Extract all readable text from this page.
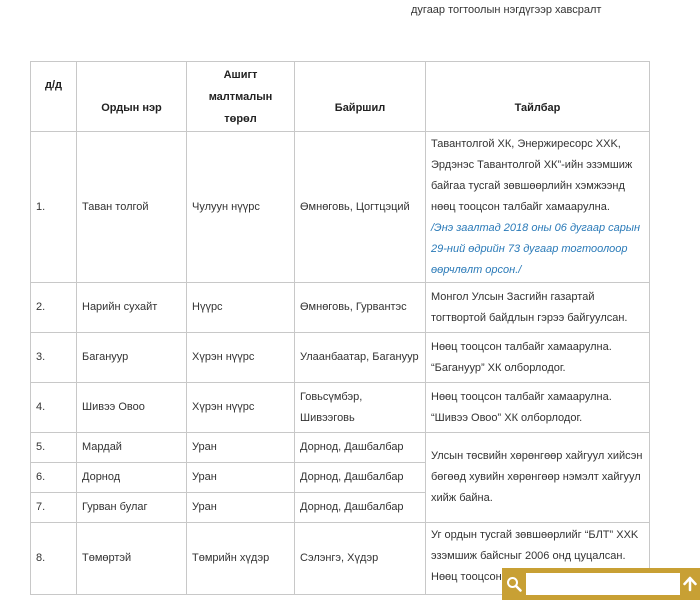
дугаар тогтоолын нэгдүгээр хавсралт
д/д	Ордын нэр	Ашигт малтмалын төрөл	Байршил	Тайлбар
1.	Таван толгой	Чулуун нүүрс	Өмнөговь, Цогтцэций	Тавантолгой ХК, Энержиресорс XXK, Эрдэнэс Тавантолгой ХК”-ийн эзэмшиж байгаа тусгай зөвшөөрлийн хэмжээнд нөөц тооцсон талбайг хамаарулна.
/Энэ заалтад 2018 оны 06 дугаар сарын 29-ний өдрийн 73 дугаар тогтоолоор өөрчлөлт орсон./

2.	Нарийн сухайт	Нүүрс	Өмнөговь, Гурвантэс	Монгол Улсын Засгийн газартай тогтвортой байдлын гэрээ байгуулсан.
3.	Багануур	Хүрэн нүүрс	Улаанбаатар, Багануур	Нөөц тооцсон талбайг хамаарулна. “Багануур” ХК олборлодог.
4.	Шивээ Овоо	Хүрэн нүүрс	Говьсүмбэр, Шивээговь	Нөөц тооцсон талбайг хамаарулна. “Шивээ Овоо” ХК олборлодог.
5.	Мардай	Уран	Дорнод, Дашбалбар	Улсын төсвийн хөрөнгөөр хайгуул хийсэн бөгөөд хувийн хөрөнгөөр нэмэлт хайгуул хийж байна.
6.	Дорнод	Уран	Дорнод, Дашбалбар	
7.	Гурван булаг	Уран	Дорнод, Дашбалбар	
8.	Төмөртэй	Төмрийн хүдэр	Сэлэнгэ, Хүдэр	Уг ордын тусгай зөвшөөрлийг “БЛТ” XXK эзэмшиж байсныг 2006 онд цуцалсан. Нөөц тооцсон
